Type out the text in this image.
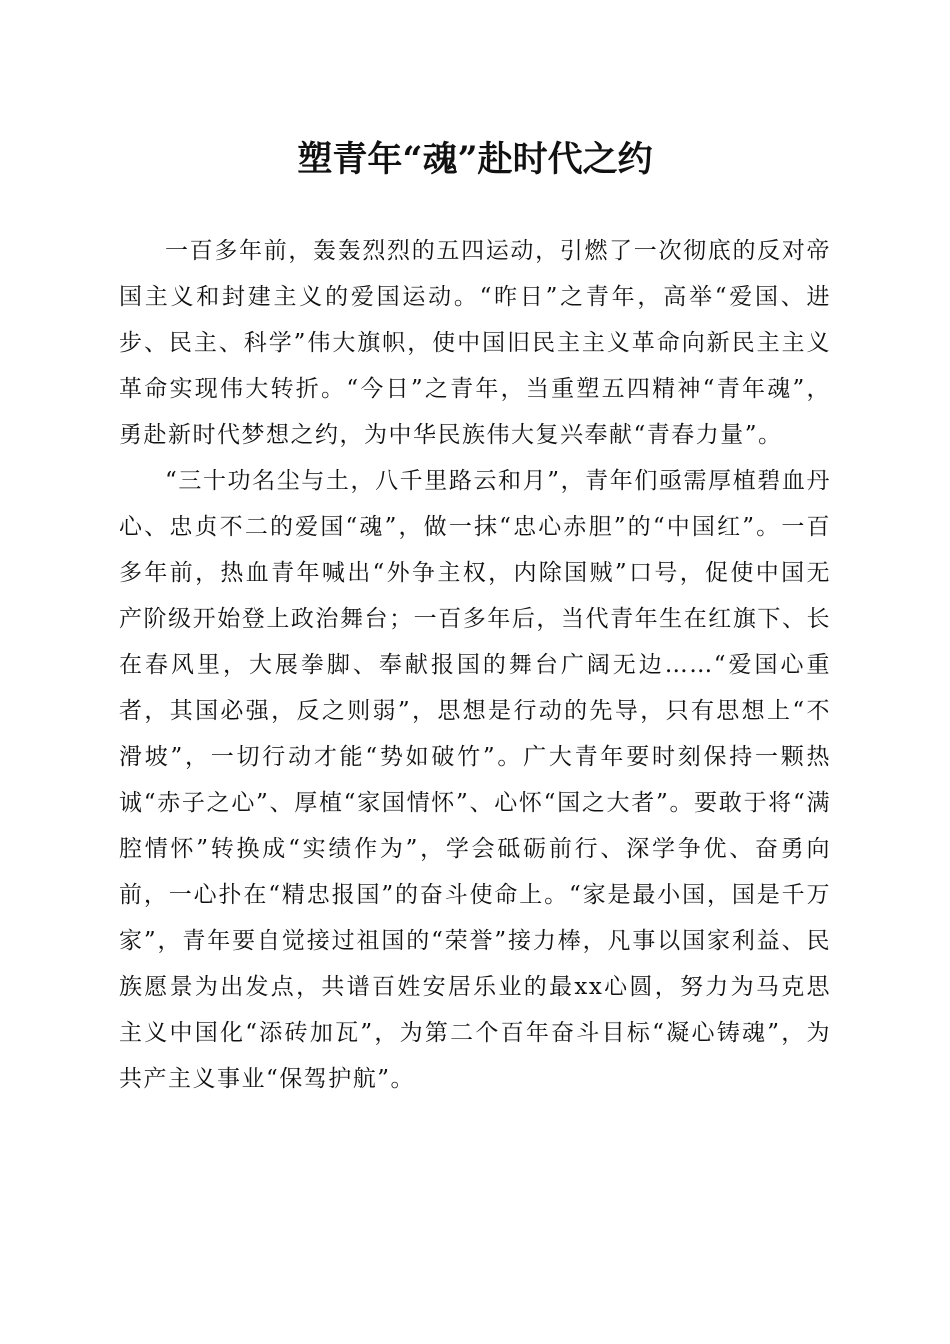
塑青年“魂”赴时代之约

一百多年前，轰轰烈烈的五四运动，引燃了一次彻底的反对帝国主义和封建主义的爱国运动。“昨日”之青年，高举“爱国、进步、民主、科学”伟大旗帜，使中国旧民主主义革命向新民主主义革命实现伟大转折。“今日”之青年，当重塑五四精神“青年魂”，勇赴新时代梦想之约，为中华民族伟大复兴奉献“青春力量”。

“三十功名尘与土，八千里路云和月”，青年们亟需厚植碧血丹心、忠贞不二的爱国“魂”，做一抹“忠心赤胆”的“中国红”。一百多年前，热血青年喊出“外争主权，内除国贼”口号，促使中国无产阶级开始登上政治舞台；一百多年后，当代青年生在红旗下、长在春风里，大展拳脚、奉献报国的舞台广阔无边……“爱国心重者，其国必强，反之则弱”，思想是行动的先导，只有思想上“不滑坡”，一切行动才能“势如破竹”。广大青年要时刻保持一颗热诚“赤子之心”、厚植“家国情怀”、心怀“国之大者”。要敢于将“满腔情怀”转换成“实绩作为”，学会砥砺前行、深学争优、奋勇向前，一心扑在“精忠报国”的奋斗使命上。“家是最小国，国是千万家”，青年要自觉接过祖国的“荣誉”接力棒，凡事以国家利益、民族愿景为出发点，共谱百姓安居乐业的最xx心圆，努力为马克思主义中国化“添砖加瓦”，为第二个百年奋斗目标“凝心铸魂”，为共产主义事业“保驾护航”。
